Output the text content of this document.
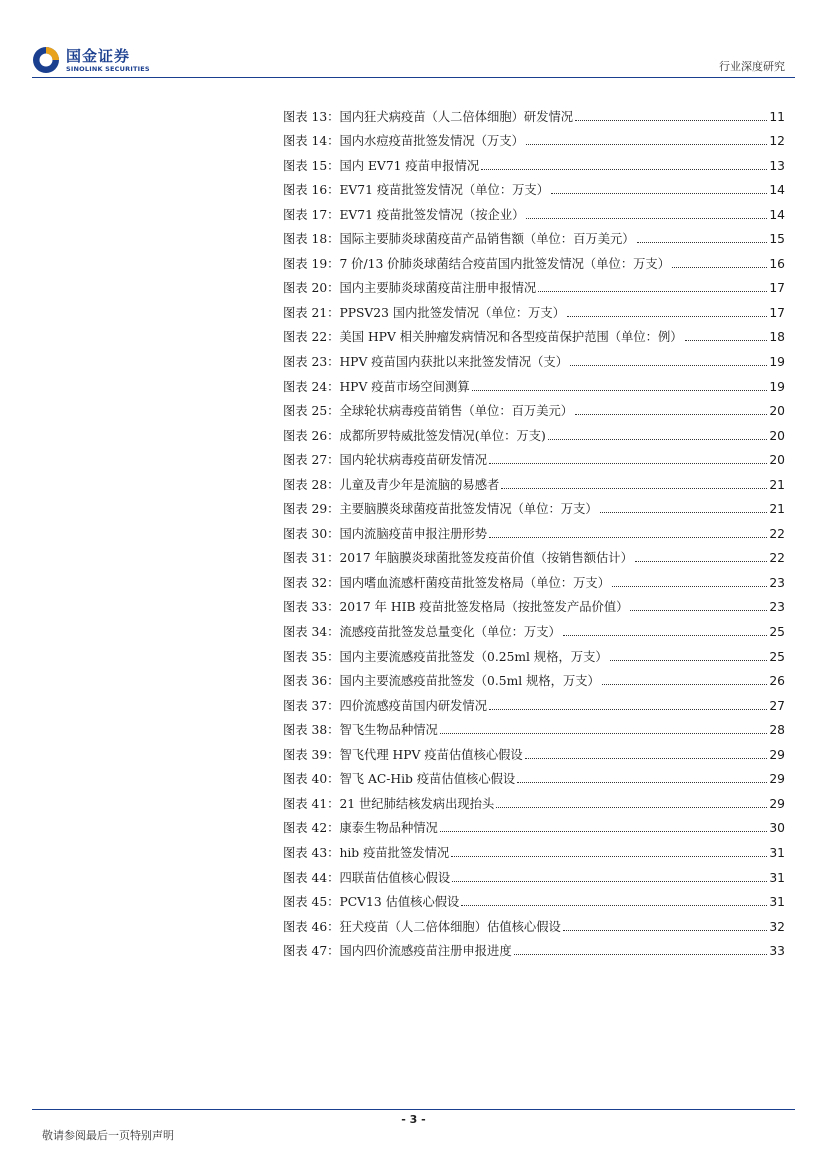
国金证券
SINOLINK SECURITIES	行业深度研究
图表 13： 国内狂犬病疫苗（人二倍体细胞）研发情况	11
图表 14： 国内水痘疫苗批签发情况（万支）	12
图表 15： 国内 EV71 疫苗申报情况	13
图表 16： EV71 疫苗批签发情况（单位：万支）	14
图表 17： EV71 疫苗批签发情况（按企业）	14
图表 18： 国际主要肺炎球菌疫苗产品销售额（单位：百万美元）	15
图表 19： 7 价/13 价肺炎球菌结合疫苗国内批签发情况（单位：万支）	16
图表 20： 国内主要肺炎球菌疫苗注册申报情况	17
图表 21： PPSV23 国内批签发情况（单位：万支）	17
图表 22： 美国 HPV 相关肿瘤发病情况和各型疫苗保护范围（单位：例）	18
图表 23： HPV 疫苗国内获批以来批签发情况（支）	19
图表 24： HPV 疫苗市场空间测算	19
图表 25： 全球轮状病毒疫苗销售（单位：百万美元）	20
图表 26： 成都所罗特威批签发情况(单位：万支)	20
图表 27： 国内轮状病毒疫苗研发情况	20
图表 28： 儿童及青少年是流脑的易感者	21
图表 29： 主要脑膜炎球菌疫苗批签发情况（单位：万支）	21
图表 30： 国内流脑疫苗申报注册形势	22
图表 31： 2017 年脑膜炎球菌批签发疫苗价值（按销售额估计）	22
图表 32： 国内嗜血流感杆菌疫苗批签发格局（单位：万支）	23
图表 33： 2017 年 HIB 疫苗批签发格局（按批签发产品价值）	23
图表 34： 流感疫苗批签发总量变化（单位：万支）	25
图表 35： 国内主要流感疫苗批签发（0.25ml 规格，万支）	25
图表 36： 国内主要流感疫苗批签发（0.5ml 规格，万支）	26
图表 37： 四价流感疫苗国内研发情况	27
图表 38： 智飞生物品种情况	28
图表 39： 智飞代理 HPV 疫苗估值核心假设	29
图表 40： 智飞 AC-Hib 疫苗估值核心假设	29
图表 41： 21 世纪肺结核发病出现抬头	29
图表 42： 康泰生物品种情况	30
图表 43： hib 疫苗批签发情况	31
图表 44： 四联苗估值核心假设	31
图表 45： PCV13 估值核心假设	31
图表 46： 狂犬疫苗（人二倍体细胞）估值核心假设	32
图表 47： 国内四价流感疫苗注册申报进度	33
- 3 -
敬请参阅最后一页特别声明
